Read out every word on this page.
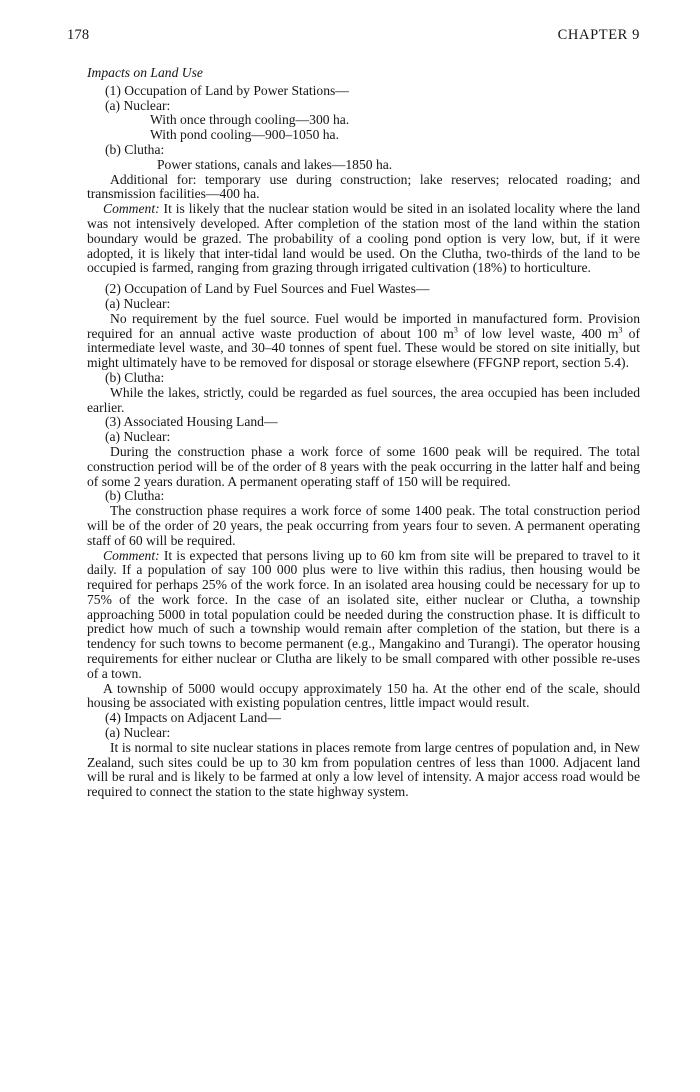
178	CHAPTER 9

Impacts on Land Use

(1) Occupation of Land by Power Stations—

(a) Nuclear:

With once through cooling—300 ha.

With pond cooling—900–1050 ha.

(b) Clutha:

Power stations, canals and lakes—1850 ha.

Additional for: temporary use during construction; lake reserves; relocated roading; and transmission facilities—400 ha.

Comment: It is likely that the nuclear station would be sited in an isolated locality where the land was not intensively developed. After completion of the station most of the land within the station boundary would be grazed. The probability of a cooling pond option is very low, but, if it were adopted, it is likely that inter-tidal land would be used. On the Clutha, two-thirds of the land to be occupied is farmed, ranging from grazing through irrigated cultivation (18%) to horticulture.

(2) Occupation of Land by Fuel Sources and Fuel Wastes—

(a) Nuclear:

No requirement by the fuel source. Fuel would be imported in manufactured form. Provision required for an annual active waste production of about 100 $m^3$ of low level waste, 400 $m^3$ of intermediate level waste, and 30–40 tonnes of spent fuel. These would be stored on site initially, but might ultimately have to be removed for disposal or storage elsewhere (FFGNP report, section 5.4).

(b) Clutha:

While the lakes, strictly, could be regarded as fuel sources, the area occupied has been included earlier.

(3) Associated Housing Land—

(a) Nuclear:

During the construction phase a work force of some 1600 peak will be required. The total construction period will be of the order of 8 years with the peak occurring in the latter half and being of some 2 years duration. A permanent operating staff of 150 will be required.

(b) Clutha:

The construction phase requires a work force of some 1400 peak. The total construction period will be of the order of 20 years, the peak occurring from years four to seven. A permanent operating staff of 60 will be required.

Comment: It is expected that persons living up to 60 km from site will be prepared to travel to it daily. If a population of say 100 000 plus were to live within this radius, then housing would be required for perhaps 25% of the work force. In an isolated area housing could be necessary for up to 75% of the work force. In the case of an isolated site, either nuclear or Clutha, a township approaching 5000 in total population could be needed during the construction phase. It is difficult to predict how much of such a township would remain after completion of the station, but there is a tendency for such towns to become permanent (e.g., Mangakino and Turangi). The operator housing requirements for either nuclear or Clutha are likely to be small compared with other possible re-uses of a town.

A township of 5000 would occupy approximately 150 ha. At the other end of the scale, should housing be associated with existing population centres, little impact would result.

(4) Impacts on Adjacent Land—

(a) Nuclear:

It is normal to site nuclear stations in places remote from large centres of population and, in New Zealand, such sites could be up to 30 km from population centres of less than 1000. Adjacent land will be rural and is likely to be farmed at only a low level of intensity. A major access road would be required to connect the station to the state highway system.
